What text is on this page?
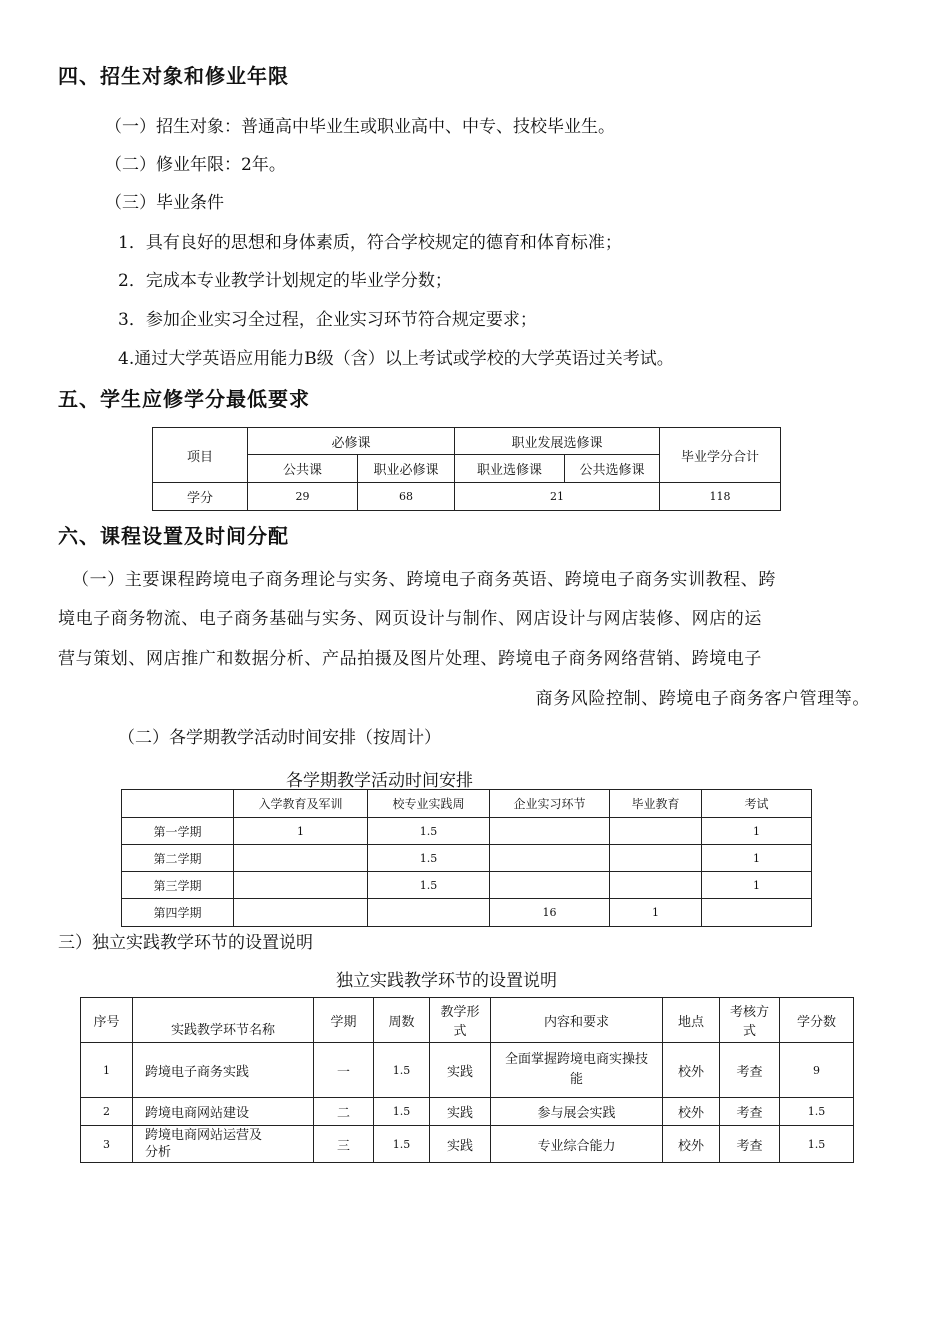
四、招生对象和修业年限
（一）招生对象：普通高中毕业生或职业高中、中专、技校毕业生。
（二）修业年限：2年。
（三）毕业条件
1．具有良好的思想和身体素质，符合学校规定的德育和体育标准；
2．完成本专业教学计划规定的毕业学分数；
3．参加企业实习全过程，企业实习环节符合规定要求；
4.通过大学英语应用能力B级（含）以上考试或学校的大学英语过关考试。
五、学生应修学分最低要求
项目	必修课		职业发展选修课		毕业学分合计
	公共课	职业必修课	职业选修课	公共选修课	
学分	29	68	21		118
六、课程设置及时间分配
（一）主要课程跨境电子商务理论与实务、跨境电子商务英语、跨境电子商务实训教程、跨
境电子商务物流、电子商务基础与实务、网页设计与制作、网店设计与网店装修、网店的运
营与策划、网店推广和数据分析、产品拍摄及图片处理、跨境电子商务网络营销、跨境电子
商务风险控制、跨境电子商务客户管理等。
（二）各学期教学活动时间安排（按周计）
各学期教学活动时间安排
	入学教育及军训	校专业实践周	企业实习环节	毕业教育	考试
第一学期	1	1.5			1
第二学期		1.5			1
第三学期		1.5			1
第四学期			16	1	
三）独立实践教学环节的设置说明
独立实践教学环节的设置说明
序号	实践教学环节名称	学期	周数	教学形式	内容和要求	地点	考核方式	学分数
1	跨境电子商务实践	一	1.5	实践	全面掌握跨境电商实操技能	校外	考查	9
2	跨境电商网站建设	二	1.5	实践	参与展会实践	校外	考查	1.5
3	跨境电商网站运营及分析	三	1.5	实践	专业综合能力	校外	考查	1.5
